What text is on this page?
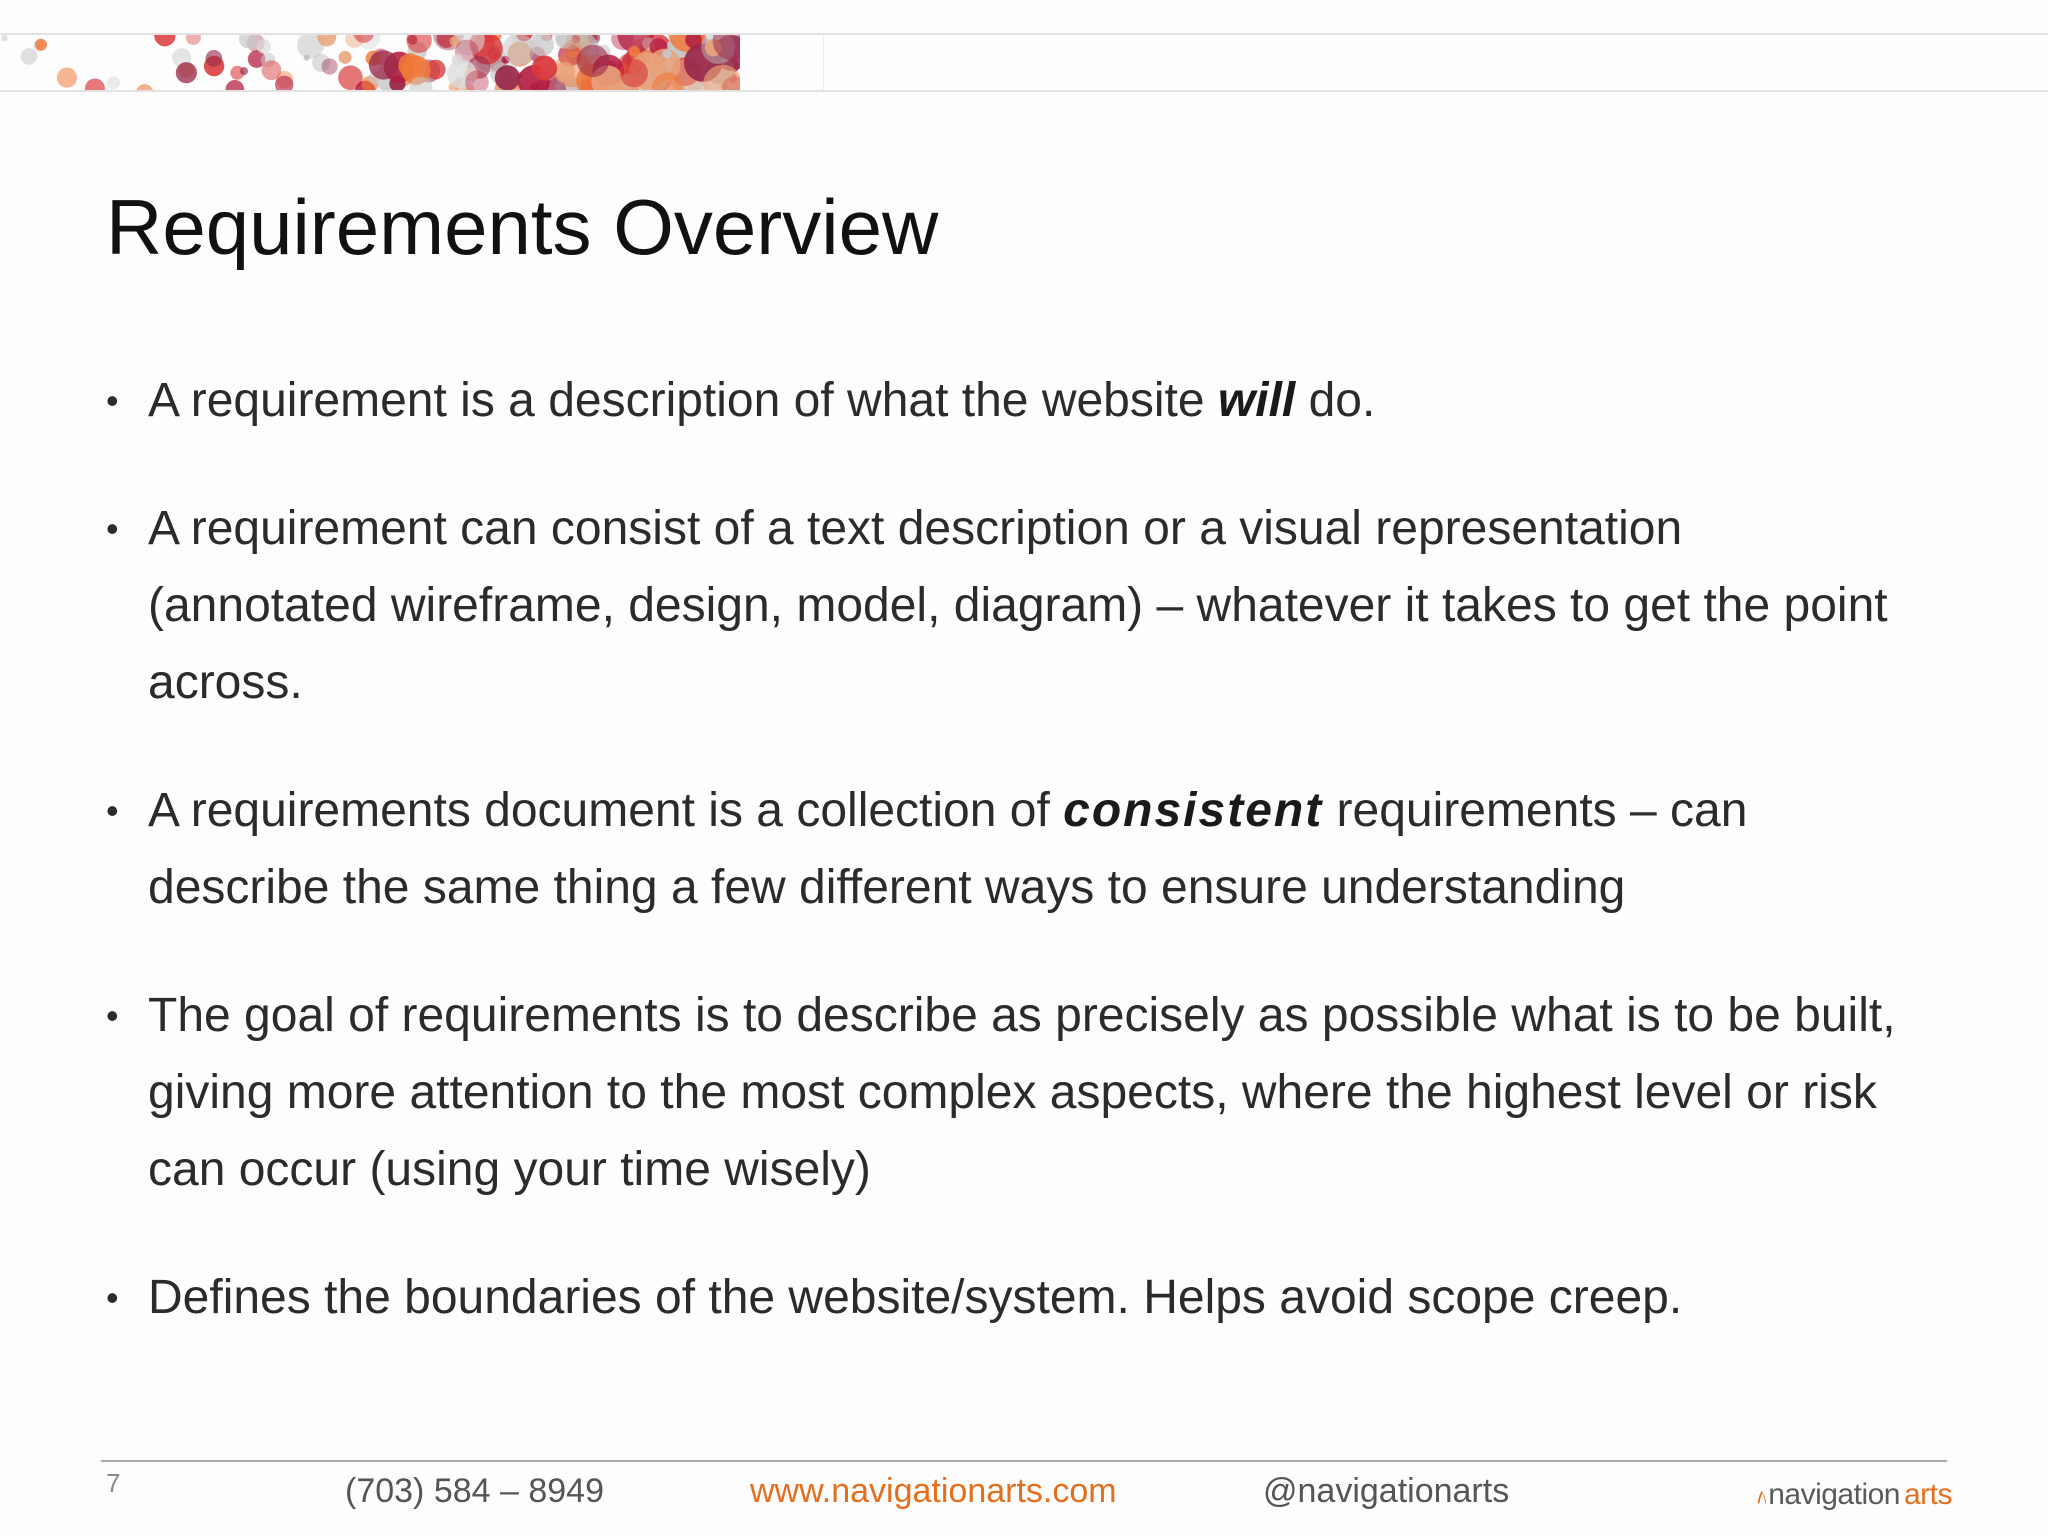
Requirements Overview
• A requirement is a description of what the website will do.
• A requirement can consist of a text description or a visual representation (annotated wireframe, design, model, diagram) – whatever it takes to get the point across.
• A requirements document is a collection of consistent requirements – can describe the same thing a few different ways to ensure understanding
• The goal of requirements is to describe as precisely as possible what is to be built, giving more attention to the most complex aspects, where the highest level or risk can occur (using your time wisely)
• Defines the boundaries of the website/system. Helps avoid scope creep.
7	(703) 584 – 8949	www.navigationarts.com	@navigationarts	navigation arts
